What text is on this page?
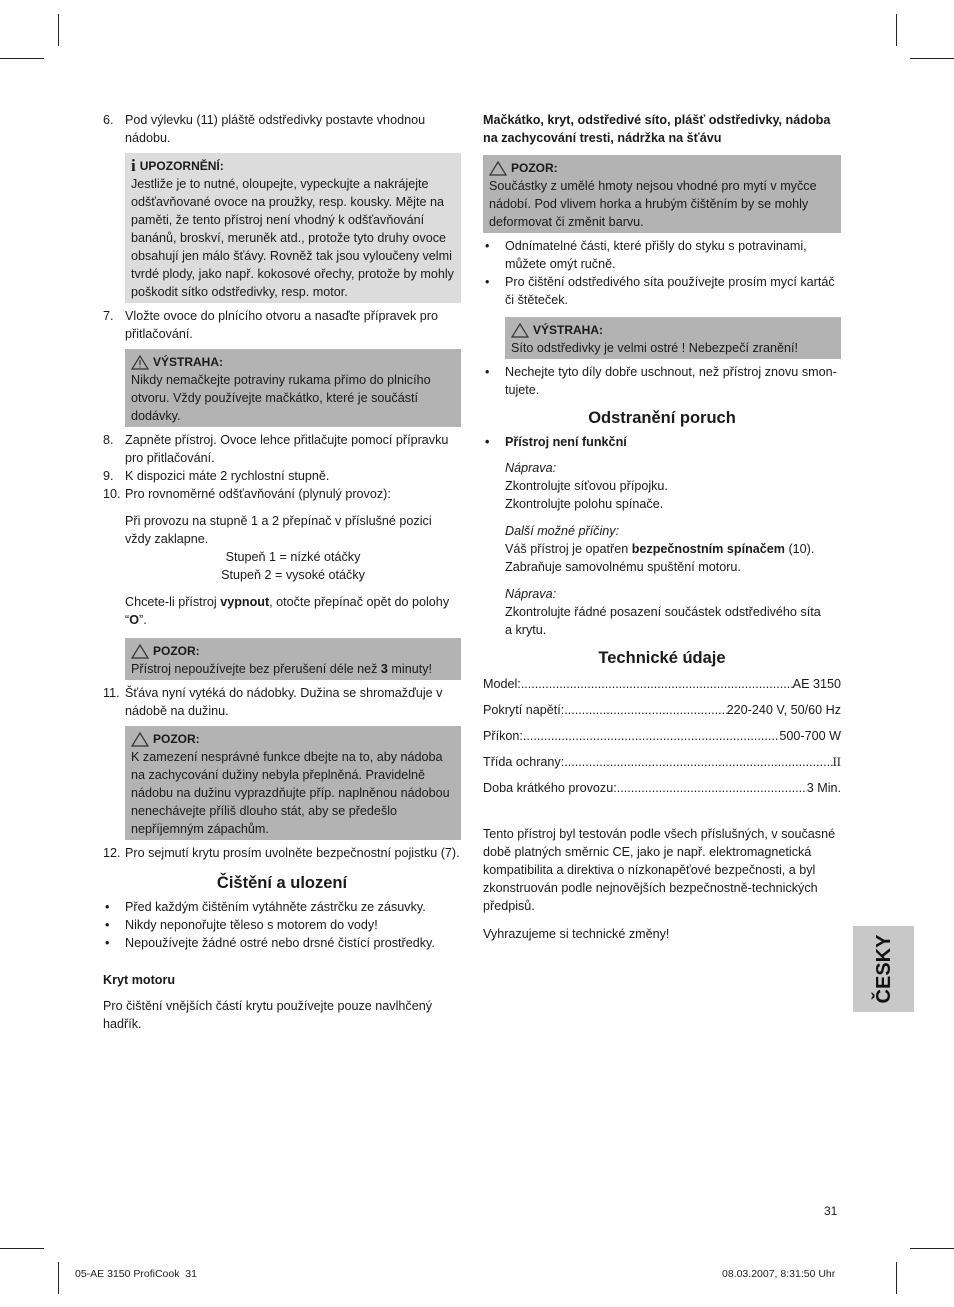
6. Pod výlevku (11) pláště odstředivky postavte vhodnou nádobu.

i UPOZORNĚNÍ:
Jestliže je to nutné, oloupejte, vypeckujte a nakrájejte odšťavňované ovoce na proužky, resp. kousky. Mějte na paměti, že tento přístroj není vhodný k odšťavňování banánů, broskví, meruněk atd., protože tyto druhy ovoce obsahují jen málo šťávy. Rovněž tak jsou vyloučeny velmi tvrdé plody, jako např. kokosové ořechy, protože by mohly poškodit sítko odstředivky, resp. motor.

7. Vložte ovoce do plnícího otvoru a nasaďte přípravek pro přitlačování.

VÝSTRAHA:
Nikdy nemačkejte potraviny rukama přímo do plnicího otvoru. Vždy používejte mačkátko, které je součástí dodávky.

8. Zapněte přístroj. Ovoce lehce přitlačujte pomocí přípravku pro přitlačování.

9. K dispozici máte 2 rychlostní stupně.

10. Pro rovnoměrné odšťavňování (plynulý provoz):

Při provozu na stupně 1 a 2 přepínač v příslušné pozici vždy zaklapne.
Stupeň 1 = nízké otáčky
Stupeň 2 = vysoké otáčky
Chcete-li přístroj vypnout, otočte přepínač opět do polohy “O”.
POZOR:
Přístroj nepoužívejte bez přerušení déle než 3 minuty!

11. Šťáva nyní vytéká do nádobky. Dužina se shromažďuje v nádobě na dužinu.

POZOR:
K zamezení nesprávné funkce dbejte na to, aby nádoba na zachycování dužiny nebyla přeplněná. Pravidelně nádobu na dužinu vyprazdňujte příp. naplněnou nádobou nenechávejte příliš dlouho stát, aby se předešlo nepříjemným zápachům.

12. Pro sejmutí krytu prosím uvolněte bezpečnostní pojistku (7).

Čištění a ulození

• Před každým čištěním vytáhněte zástrčku ze zásuvky.

• Nikdy neponořujte těleso s motorem do vody!

• Nepoužívejte žádné ostré nebo drsné čistící prostředky.

Kryt motoru
Pro čištění vnějších částí krytu používejte pouze navlhčený hadřík.
Mačkátko, kryt, odstředivé síto, plášť odstředivky, nádoba na zachycování tresti, nádržka na šťávu
POZOR:
Součástky z umělé hmoty nejsou vhodné pro mytí v myčce nádobí. Pod vlivem horka a hrubým čištěním by se mohly deformovat či změnit barvu.

• Odnímatelné části, které přišly do styku s potravinami, můžete omýt ručně.

• Pro čištění odstředivého síta používejte prosím mycí kartáč či štěteček.

VÝSTRAHA:
Síto odstředivky je velmi ostré ! Nebezpečí zranění!

• Nechejte tyto díly dobře uschnout, než přístroj znovu smon-tujete.

Odstranění poruch

• Přístroj není funkční

Náprava:
Zkontrolujte síťovou přípojku.
Zkontrolujte polohu spínače.
Další možné příčiny:
Váš přístroj je opatřen bezpečnostním spínačem (10).
Zabraňuje samovolnému spuštění motoru.
Náprava:
Zkontrolujte řádné posazení součástek odstředivého síta a krytu.
Technické údaje
Model: .....	AE 3150
Pokrytí napětí: .....	220-240 V, 50/60 Hz
Příkon: .....	500-700 W
Třída ochrany: .....	II
Doba krátkého provozu: .....	3 Min.
Tento přístroj byl testován podle všech příslušných, v současné době platných směrnic CE, jako je např. elektromagnetická kompatibilita a direktiva o nízkonapěťové bezpečnosti, a byl zkonstruován podle nejnovějších bezpečnostně-technických předpisů.
Vyhrazujeme si technické změny!
ČESKY
31
05-AE 3150 ProfiCook  31	08.03.2007, 8:31:50 Uhr
